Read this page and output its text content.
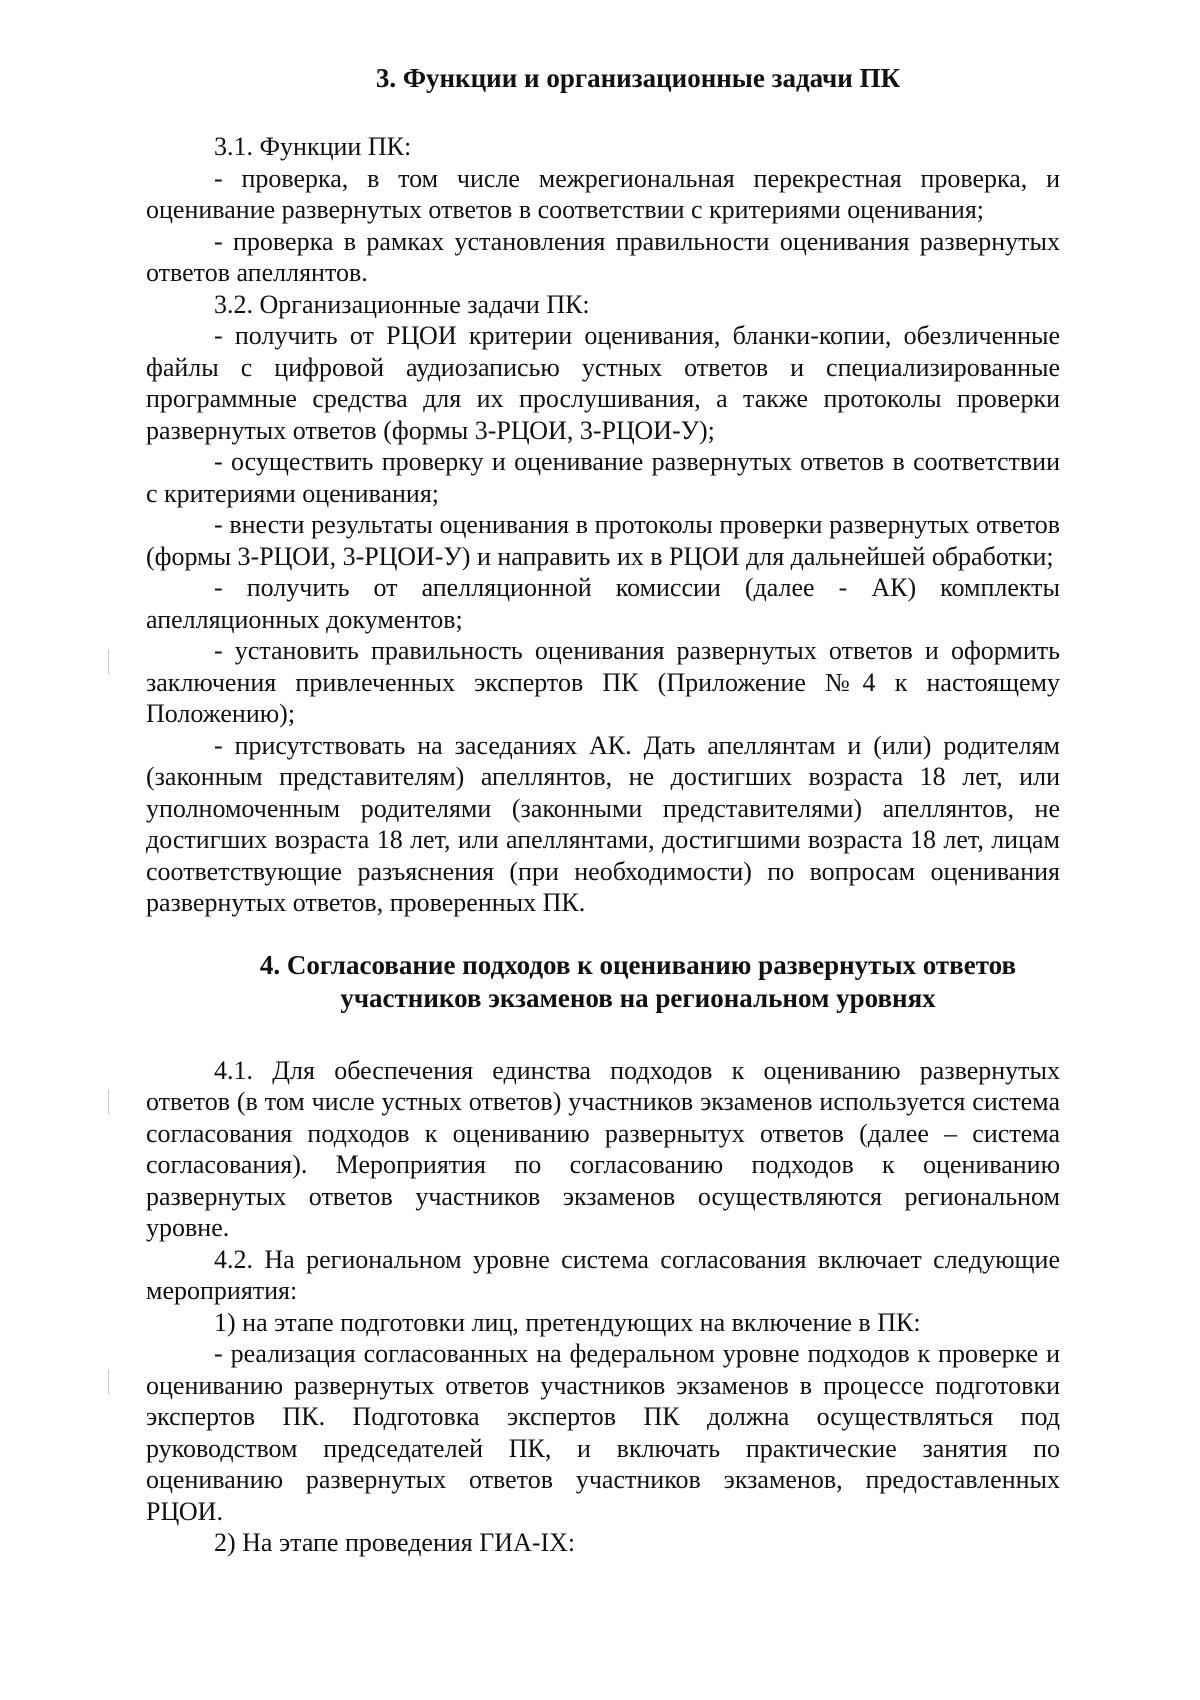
3. Функции и организационные задачи ПК

3.1. Функции ПК:

- проверка, в том числе межрегиональная перекрестная проверка, и оценивание развернутых ответов в соответствии с критериями оценивания;

- проверка в рамках установления правильности оценивания развернутых ответов апеллянтов.

3.2. Организационные задачи ПК:

- получить от РЦОИ критерии оценивания, бланки-копии, обезличенные файлы с цифровой аудиозаписью устных ответов и специализированные программные средства для их прослушивания, а также протоколы проверки развернутых ответов (формы 3-РЦОИ, 3-РЦОИ-У);

- осуществить проверку и оценивание развернутых ответов в соответствии с критериями оценивания;

- внести результаты оценивания в протоколы проверки развернутых ответов (формы 3-РЦОИ, 3-РЦОИ-У) и направить их в РЦОИ для дальнейшей обработки;

- получить от апелляционной комиссии (далее - АК) комплекты апелляционных документов;

- установить правильность оценивания развернутых ответов и оформить заключения привлеченных экспертов ПК (Приложение №4 к настоящему Положению);

- присутствовать на заседаниях АК. Дать апеллянтам и (или) родителям (законным представителям) апеллянтов, не достигших возраста 18 лет, или уполномоченным родителями (законными представителями) апеллянтов, не достигших возраста 18 лет, или апеллянтами, достигшими возраста 18 лет, лицам соответствующие разъяснения (при необходимости) по вопросам оценивания развернутых ответов, проверенных ПК.

4. Согласование подходов к оцениванию развернутых ответов
участников экзаменов на региональном уровнях

4.1. Для обеспечения единства подходов к оцениванию развернутых ответов (в том числе устных ответов) участников экзаменов используется система согласования подходов к оцениванию развернытух ответов (далее – система согласования). Мероприятия по согласованию подходов к оцениванию развернутых ответов участников экзаменов осуществляются региональном уровне.

4.2. На региональном уровне система согласования включает следующие мероприятия:

1) на этапе подготовки лиц, претендующих на включение в ПК:

- реализация согласованных на федеральном уровне подходов к проверке и оцениванию развернутых ответов участников экзаменов в процессе подготовки экспертов ПК. Подготовка экспертов ПК должна осуществляться под руководством председателей ПК, и включать практические занятия по оцениванию развернутых ответов участников экзаменов, предоставленных РЦОИ.

2) На этапе проведения ГИА-IX:
